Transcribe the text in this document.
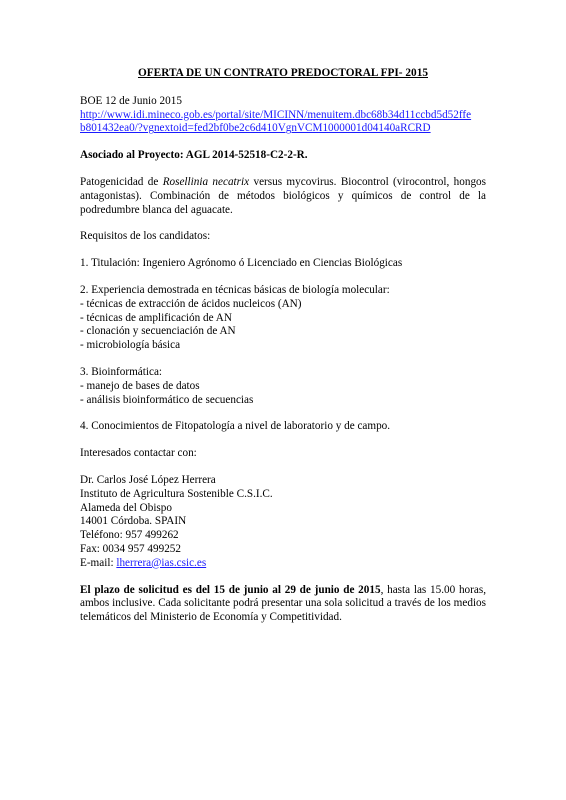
OFERTA DE UN CONTRATO PREDOCTORAL FPI- 2015

BOE 12 de Junio 2015
http://www.idi.mineco.gob.es/portal/site/MICINN/menuitem.dbc68b34d11ccbd5d52ffe
b801432ea0/?vgnextoid=fed2bf0be2c6d410VgnVCM1000001d04140aRCRD

Asociado al Proyecto: AGL 2014-52518-C2-2-R.

Patogenicidad de Rosellinia necatrix versus mycovirus. Biocontrol (virocontrol, hongos antagonistas). Combinación de métodos biológicos y químicos de control de la podredumbre blanca del aguacate.

Requisitos de los candidatos:

1. Titulación: Ingeniero Agrónomo ó Licenciado en Ciencias Biológicas

2. Experiencia demostrada en técnicas básicas de biología molecular:
- técnicas de extracción de ácidos nucleicos (AN)
- técnicas de amplificación de AN
- clonación y secuenciación de AN
- microbiología básica

3. Bioinformática:
- manejo de bases de datos
- análisis bioinformático de secuencias

4. Conocimientos de Fitopatología a nivel de laboratorio y de campo.

Interesados contactar con:

Dr. Carlos José López Herrera
Instituto de Agricultura Sostenible C.S.I.C.
Alameda del Obispo
14001 Córdoba. SPAIN
Teléfono: 957 499262
Fax: 0034 957 499252
E-mail: lherrera@ias.csic.es

El plazo de solicitud es del 15 de junio al 29 de junio de 2015, hasta las 15.00 horas, ambos inclusive. Cada solicitante podrá presentar una sola solicitud a través de los medios telemáticos del Ministerio de Economía y Competitividad.
